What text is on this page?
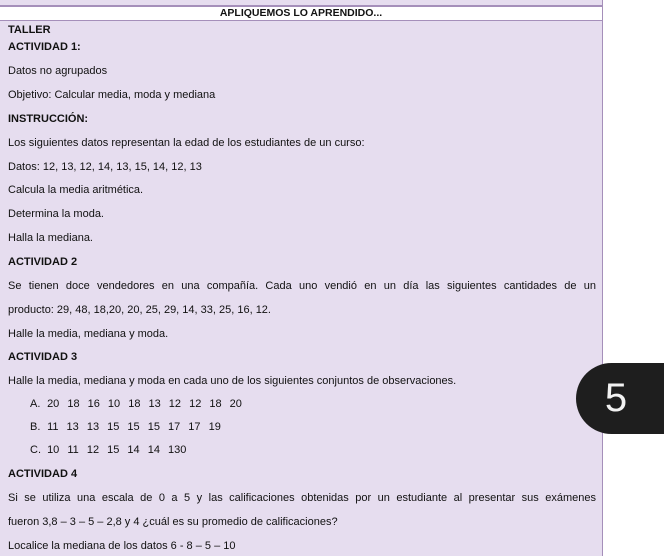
APLIQUEMOS LO APRENDIDO...
TALLER
ACTIVIDAD 1:
Datos no agrupados
Objetivo: Calcular media, moda y mediana
INSTRUCCIÓN:
Los siguientes datos representan la edad de los estudiantes de un curso:
Datos: 12, 13, 12, 14, 13, 15, 14, 12, 13
Calcula la media aritmética.
Determina la moda.
Halla la mediana.
ACTIVIDAD 2
Se tienen doce vendedores en una compañía. Cada uno vendió en un día las siguientes cantidades de un
producto: 29, 48, 18,20, 20, 25, 29, 14, 33, 25, 16, 12.
Halle la media, mediana y moda.
ACTIVIDAD 3
Halle la media, mediana y moda en cada uno de los siguientes conjuntos de observaciones.
A. 20 18 16 10 18 13 12 12 18 20
B. 11 13 13 15 15 15 17 17 19
C. 10 11 12 15 14 14 130
ACTIVIDAD 4
Si se utiliza una escala de 0 a 5 y las calificaciones obtenidas por un estudiante al presentar sus exámenes
fueron 3,8 – 3 – 5 – 2,8 y 4 ¿cuál es su promedio de calificaciones?
Localice la mediana de los datos 6 - 8 – 5 – 10
5
